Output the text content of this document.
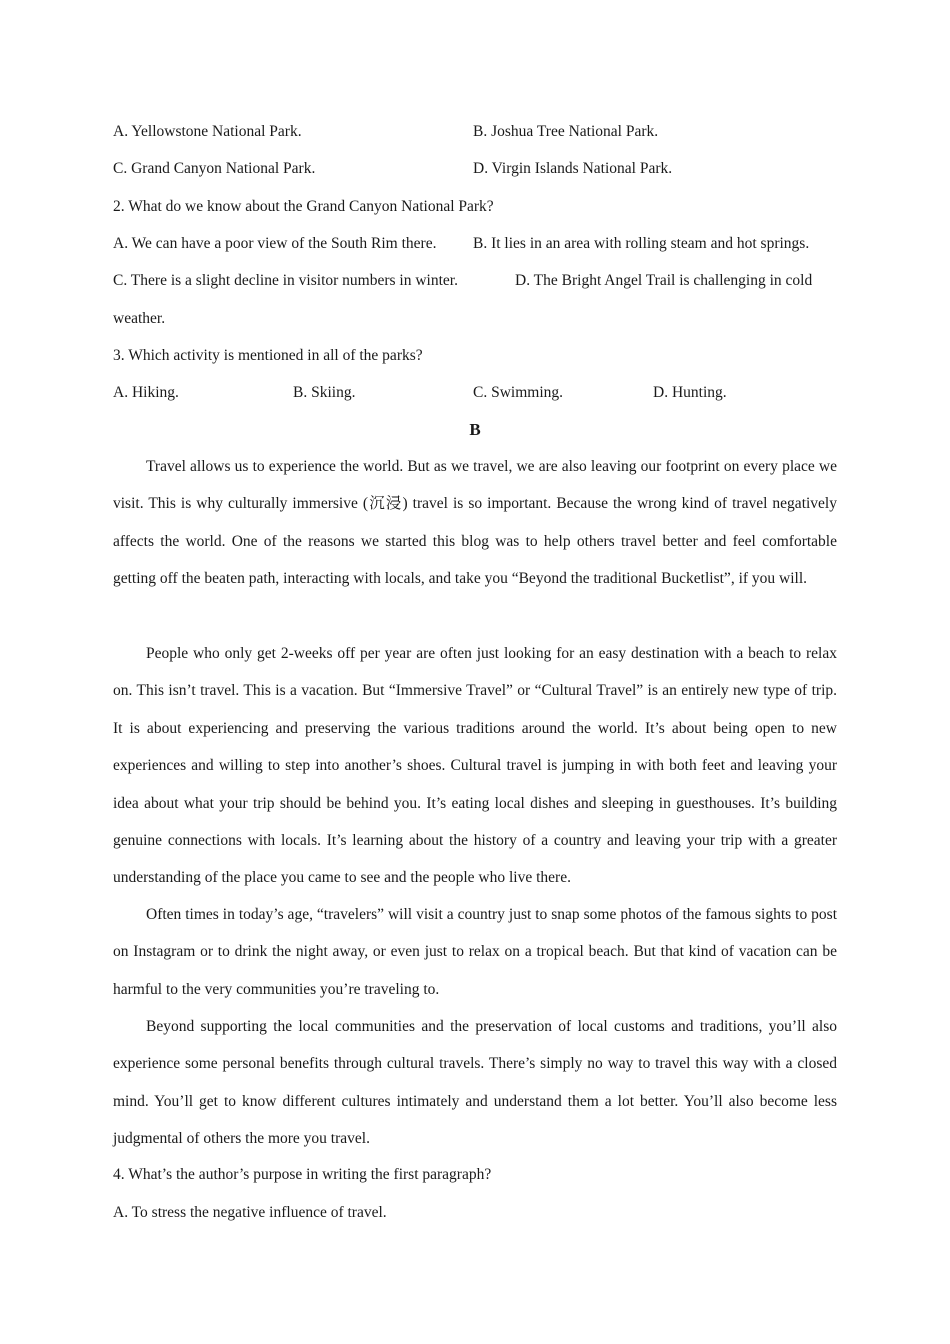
A. Yellowstone National Park.	B. Joshua Tree National Park.
C. Grand Canyon National Park.	D. Virgin Islands National Park.
2. What do we know about the Grand Canyon National Park?
A. We can have a poor view of the South Rim there. B. It lies in an area with rolling steam and hot springs.
C. There is a slight decline in visitor numbers in winter.	D. The Bright Angel Trail is challenging in cold
weather.
3. Which activity is mentioned in all of the parks?
A. Hiking.	B. Skiing.	C. Swimming.	D. Hunting.
B
Travel allows us to experience the world. But as we travel, we are also leaving our footprint on every place we visit. This is why culturally immersive (沉浸) travel is so important. Because the wrong kind of travel negatively affects the world. One of the reasons we started this blog was to help others travel better and feel comfortable getting off the beaten path, interacting with locals, and take you “Beyond the traditional Bucketlist”, if you will.
People who only get 2-weeks off per year are often just looking for an easy destination with a beach to relax on. This isn’t travel. This is a vacation. But “Immersive Travel” or “Cultural Travel” is an entirely new type of trip. It is about experiencing and preserving the various traditions around the world. It’s about being open to new experiences and willing to step into another’s shoes. Cultural travel is jumping in with both feet and leaving your idea about what your trip should be behind you. It’s eating local dishes and sleeping in guesthouses. It’s building genuine connections with locals. It’s learning about the history of a country and leaving your trip with a greater understanding of the place you came to see and the people who live there.
Often times in today’s age, “travelers” will visit a country just to snap some photos of the famous sights to post on Instagram or to drink the night away, or even just to relax on a tropical beach. But that kind of vacation can be harmful to the very communities you’re traveling to.
Beyond supporting the local communities and the preservation of local customs and traditions, you’ll also experience some personal benefits through cultural travels. There’s simply no way to travel this way with a closed mind. You’ll get to know different cultures intimately and understand them a lot better. You’ll also become less judgmental of others the more you travel.
4. What’s the author’s purpose in writing the first paragraph?
A. To stress the negative influence of travel.
